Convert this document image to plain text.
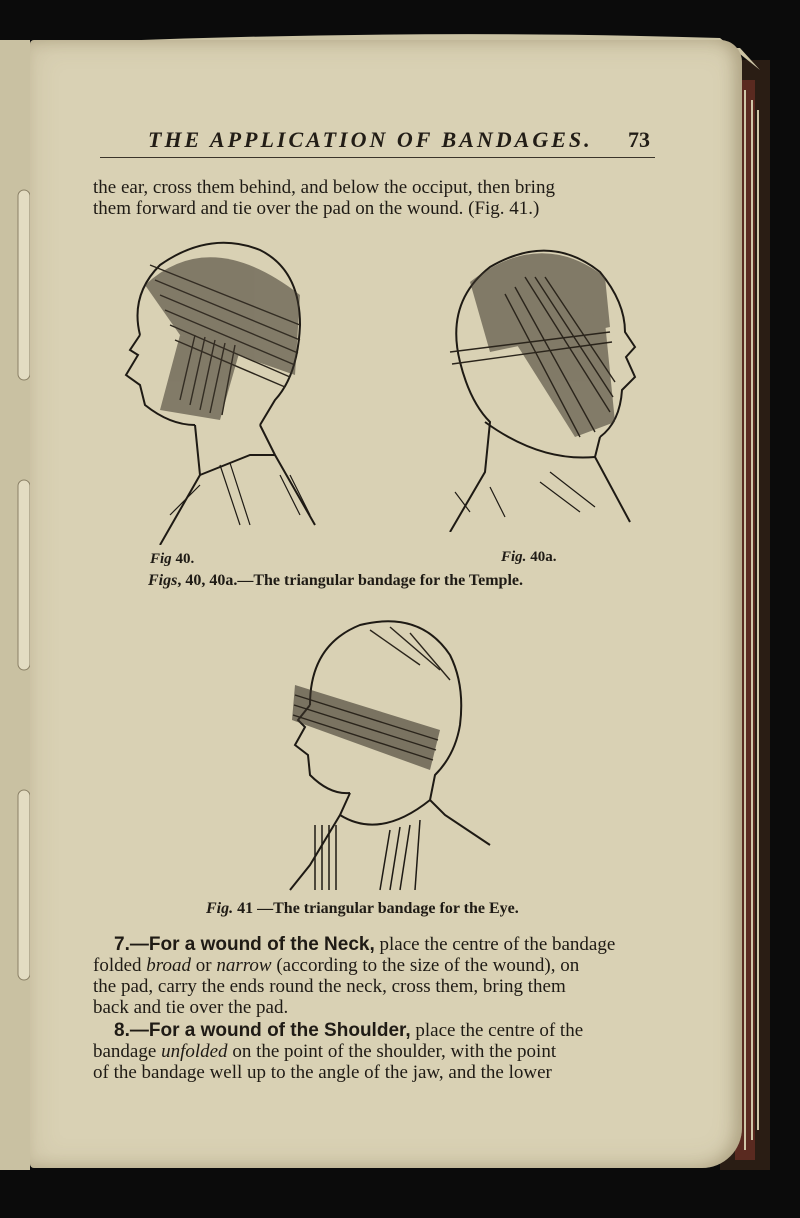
THE APPLICATION OF BANDAGES. 73
the ear, cross them behind, and below the occiput, then bring
them forward and tie over the pad on the wound. (Fig. 41.)
Fig 40.	Fig. 40a.
Figs, 40, 40a.—The triangular bandage for the Temple.
Fig. 41 —The triangular bandage for the Eye.
7.—For a wound of the Neck, place the centre of the bandage
folded broad or narrow (according to the size of the wound), on
the pad, carry the ends round the neck, cross them, bring them
back and tie over the pad.
8.—For a wound of the Shoulder, place the centre of the
bandage unfolded on the point of the shoulder, with the point
of the bandage well up to the angle of the jaw, and the lower
